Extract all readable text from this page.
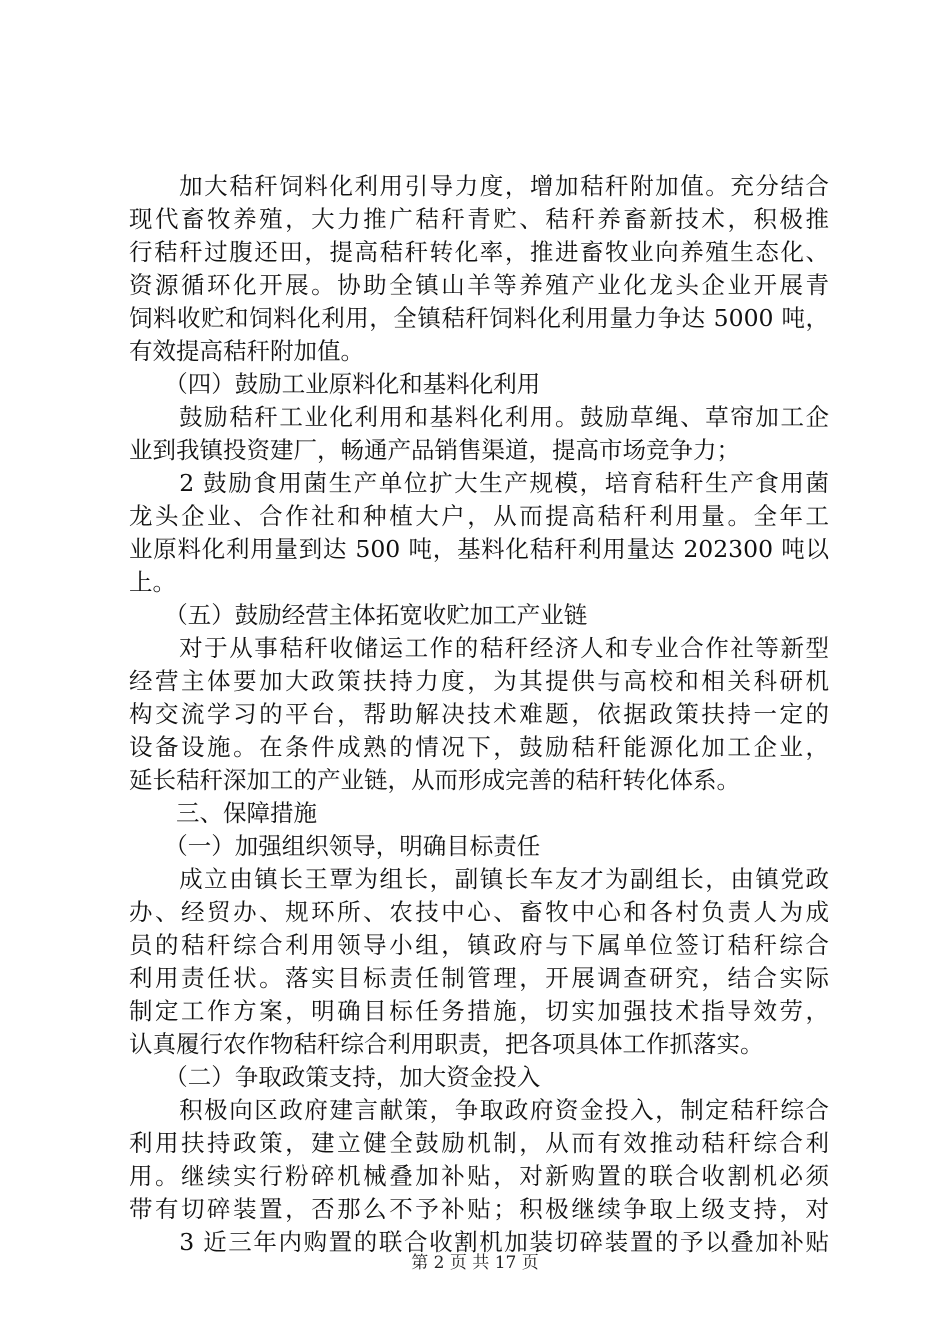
　　加大秸秆饲料化利用引导力度，增加秸秆附加值。充分结合
现代畜牧养殖，大力推广秸秆青贮、秸秆养畜新技术，积极推
行秸秆过腹还田，提高秸秆转化率，推进畜牧业向养殖生态化、
资源循环化开展。协助全镇山羊等养殖产业化龙头企业开展青
饲料收贮和饲料化利用，全镇秸秆饲料化利用量力争达 5000 吨，
有效提高秸秆附加值。
　　（四）鼓励工业原料化和基料化利用
　　鼓励秸秆工业化利用和基料化利用。鼓励草绳、草帘加工企
业到我镇投资建厂，畅通产品销售渠道，提高市场竞争力；
　　2 鼓励食用菌生产单位扩大生产规模，培育秸秆生产食用菌
龙头企业、合作社和种植大户，从而提高秸秆利用量。全年工
业原料化利用量到达 500 吨，基料化秸秆利用量达 202300 吨以
上。
　　（五）鼓励经营主体拓宽收贮加工产业链
　　对于从事秸秆收储运工作的秸秆经济人和专业合作社等新型
经营主体要加大政策扶持力度，为其提供与高校和相关科研机
构交流学习的平台，帮助解决技术难题，依据政策扶持一定的
设备设施。在条件成熟的情况下，鼓励秸秆能源化加工企业，
延长秸秆深加工的产业链，从而形成完善的秸秆转化体系。
　　三、保障措施
　　（一）加强组织领导，明确目标责任
　　成立由镇长王覃为组长，副镇长车友才为副组长，由镇党政
办、经贸办、规环所、农技中心、畜牧中心和各村负责人为成
员的秸秆综合利用领导小组，镇政府与下属单位签订秸秆综合
利用责任状。落实目标责任制管理，开展调查研究，结合实际
制定工作方案，明确目标任务措施，切实加强技术指导效劳，
认真履行农作物秸秆综合利用职责，把各项具体工作抓落实。
　　（二）争取政策支持，加大资金投入
　　积极向区政府建言献策，争取政府资金投入，制定秸秆综合
利用扶持政策，建立健全鼓励机制，从而有效推动秸秆综合利
用。继续实行粉碎机械叠加补贴，对新购置的联合收割机必须
带有切碎装置，否那么不予补贴；积极继续争取上级支持，对
　　3 近三年内购置的联合收割机加装切碎装置的予以叠加补贴
第 2 页 共 17 页
